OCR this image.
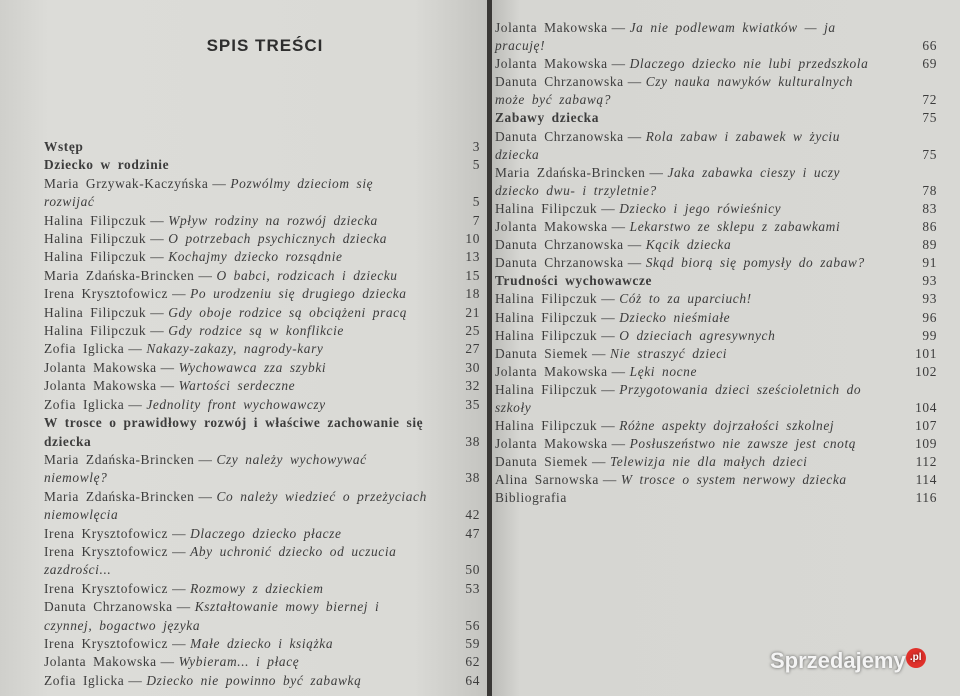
SPIS TREŚCI
Wstęp	3
Dziecko w rodzinie	5
Maria Grzywak-Kaczyńska — Pozwólmy dzieciom się rozwijać	5
Halina Filipczuk — Wpływ rodziny na rozwój dziecka	7
Halina Filipczuk — O potrzebach psychicznych dziecka	10
Halina Filipczuk — Kochajmy dziecko rozsądnie	13
Maria Zdańska-Brincken — O babci, rodzicach i dziecku	15
Irena Krysztofowicz — Po urodzeniu się drugiego dziecka	18
Halina Filipczuk — Gdy oboje rodzice są obciążeni pracą	21
Halina Filipczuk — Gdy rodzice są w konflikcie	25
Zofia Iglicka — Nakazy-zakazy, nagrody-kary	27
Jolanta Makowska — Wychowawca zza szybki	30
Jolanta Makowska — Wartości serdeczne	32
Zofia Iglicka — Jednolity front wychowawczy	35
W trosce o prawidłowy rozwój i właściwe zachowanie się dziecka	38
Maria Zdańska-Brincken — Czy należy wychowywać niemowlę?	38
Maria Zdańska-Brincken — Co należy wiedzieć o przeżyciach niemowlęcia	42
Irena Krysztofowicz — Dlaczego dziecko płacze	47
Irena Krysztofowicz — Aby uchronić dziecko od uczucia zazdrości...	50
Irena Krysztofowicz — Rozmowy z dzieckiem	53
Danuta Chrzanowska — Kształtowanie mowy biernej i czynnej, bogactwo języka	56
Irena Krysztofowicz — Małe dziecko i książka	59
Jolanta Makowska — Wybieram... i płacę	62
Zofia Iglicka — Dziecko nie powinno być zabawką	64
Jolanta Makowska — Ja nie podlewam kwiatków — ja pracuję!	66
Jolanta Makowska — Dlaczego dziecko nie lubi przedszkola	69
Danuta Chrzanowska — Czy nauka nawyków kulturalnych może być zabawą?	72
Zabawy dziecka	75
Danuta Chrzanowska — Rola zabaw i zabawek w życiu dziecka	75
Maria Zdańska-Brincken — Jaka zabawka cieszy i uczy dziecko dwu- i trzyletnie?	78
Halina Filipczuk — Dziecko i jego rówieśnicy	83
Jolanta Makowska — Lekarstwo ze sklepu z zabawkami	86
Danuta Chrzanowska — Kącik dziecka	89
Danuta Chrzanowska — Skąd biorą się pomysły do zabaw?	91
Trudności wychowawcze	93
Halina Filipczuk — Cóż to za uparciuch!	93
Halina Filipczuk — Dziecko nieśmiałe	96
Halina Filipczuk — O dzieciach agresywnych	99
Danuta Siemek — Nie straszyć dzieci	101
Jolanta Makowska — Lęki nocne	102
Halina Filipczuk — Przygotowania dzieci sześcioletnich do szkoły	104
Halina Filipczuk — Różne aspekty dojrzałości szkolnej	107
Jolanta Makowska — Posłuszeństwo nie zawsze jest cnotą	109
Danuta Siemek — Telewizja nie dla małych dzieci	112
Alina Sarnowska — W trosce o system nerwowy dziecka	114
Bibliografia	116
Sprzedajemy .pl
